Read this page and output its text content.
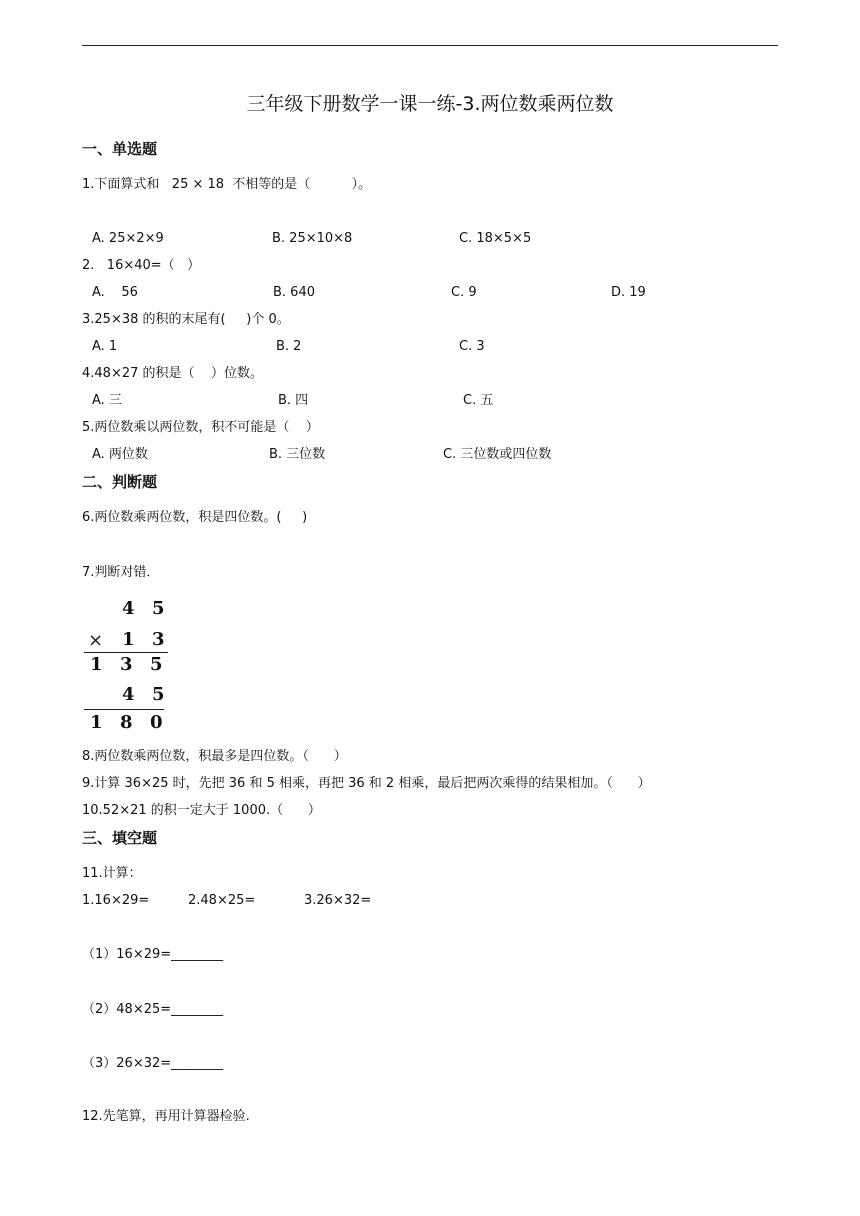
三年级下册数学一课一练-3.两位数乘两位数
一、单选题
1.下面算式和   25 × 18  不相等的是（          ）。
A. 25×2×9	B. 25×10×8	C. 18×5×5
2.   16×40=（   ）
A.    56	B. 640	C. 9	D. 19
3.25×38 的积的末尾有(     )个 0。
A. 1	B. 2	C. 3
4.48×27 的积是（    ）位数。
A. 三	B. 四	C. 五
5.两位数乘以两位数，积不可能是（    ）
A. 两位数	B. 三位数	C. 三位数或四位数
二、判断题
6.两位数乘两位数，积是四位数。(     )
7.判断对错．
4 5
× 1 3
1 3 5
4 5
1 8 0
8.两位数乘两位数，积最多是四位数。（      ）
9.计算 36×25 时，先把 36 和 5 相乘，再把 36 和 2 相乘，最后把两次乘得的结果相加。（      ）
10.52×21 的积一定大于 1000.（      ）
三、填空题
11.计算：
1.16×29=	2.48×25=	3.26×32=
（1）16×29=________
（2）48×25=________
（3）26×32=________
12.先笔算，再用计算器检验.
